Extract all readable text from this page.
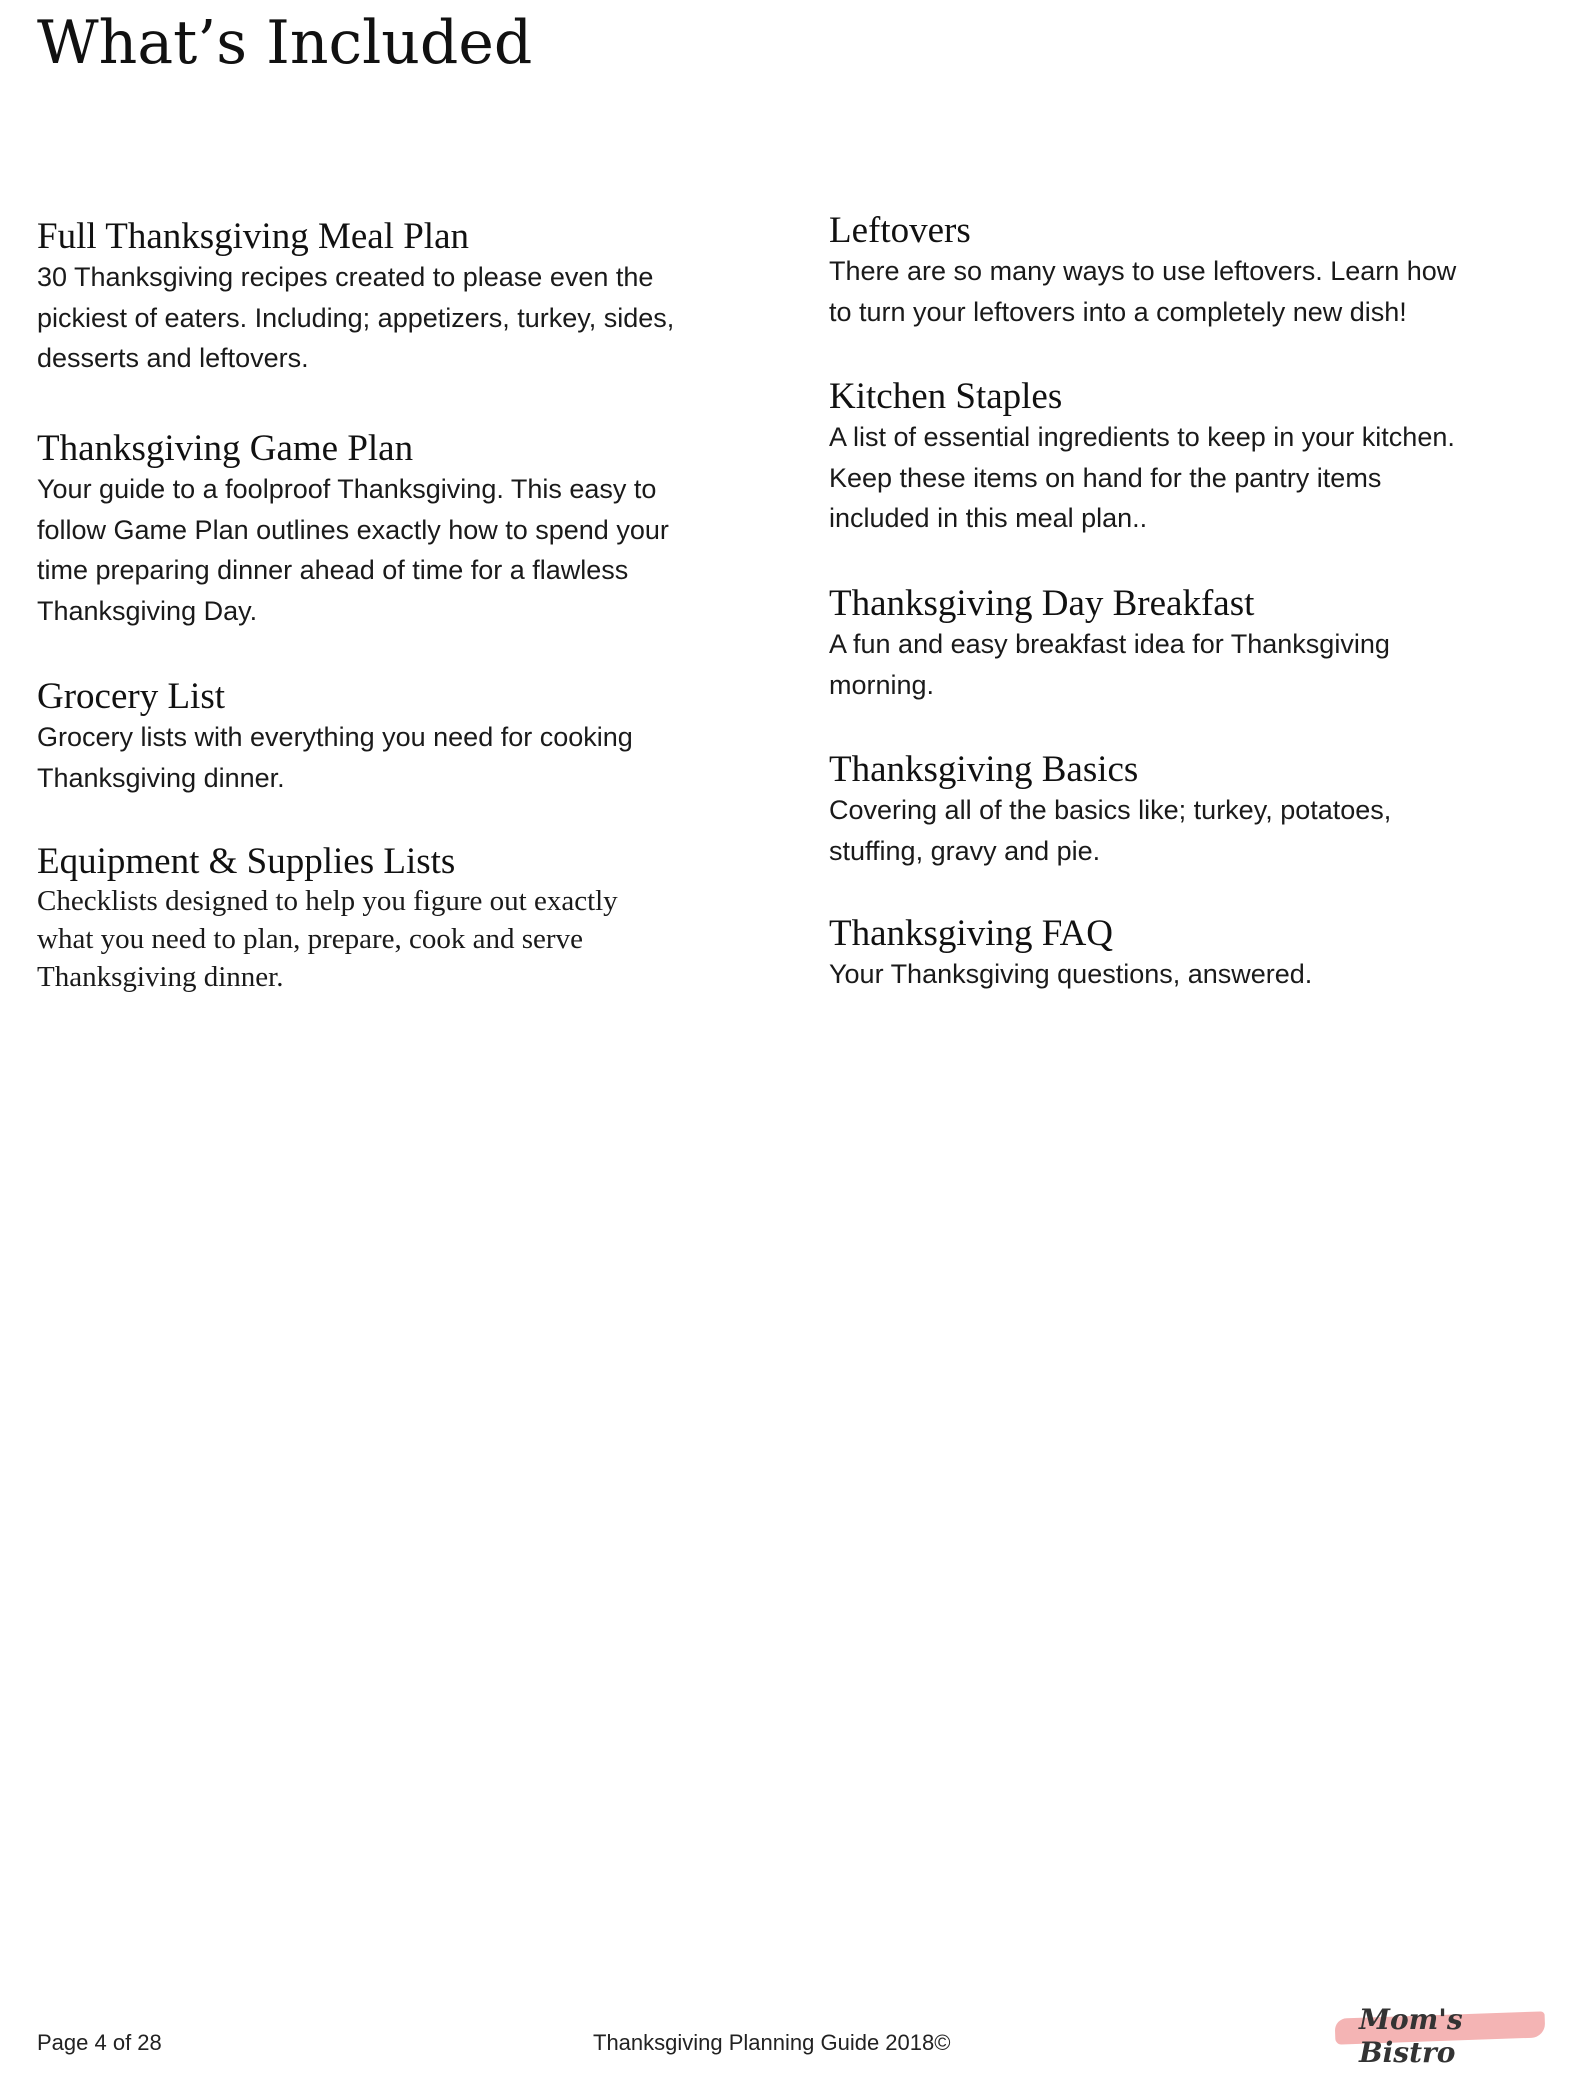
What’s Included
Full Thanksgiving Meal Plan

30 Thanksgiving recipes created to please even the

pickiest of eaters. Including; appetizers, turkey, sides,

desserts and leftovers.

Thanksgiving Game Plan

Your guide to a foolproof Thanksgiving. This easy to

follow Game Plan outlines exactly how to spend your

time preparing dinner ahead of time for a flawless

Thanksgiving Day.

Grocery List

Grocery lists with everything you need for cooking

Thanksgiving dinner.

Equipment & Supplies Lists

Checklists designed to help you figure out exactly

what you need to plan, prepare, cook and serve

Thanksgiving dinner.

Leftovers

There are so many ways to use leftovers. Learn how

to turn your leftovers into a completely new dish!

Kitchen Staples

A list of essential ingredients to keep in your kitchen.

Keep these items on hand for the pantry items

included in this meal plan..

Thanksgiving Day Breakfast

A fun and easy breakfast idea for Thanksgiving

morning.

Thanksgiving Basics

Covering all of the basics like; turkey, potatoes,

stuffing, gravy and pie.

Thanksgiving FAQ

Your Thanksgiving questions, answered.

Page 4 of 28	Thanksgiving Planning Guide 2018©
Mom's Bistro
